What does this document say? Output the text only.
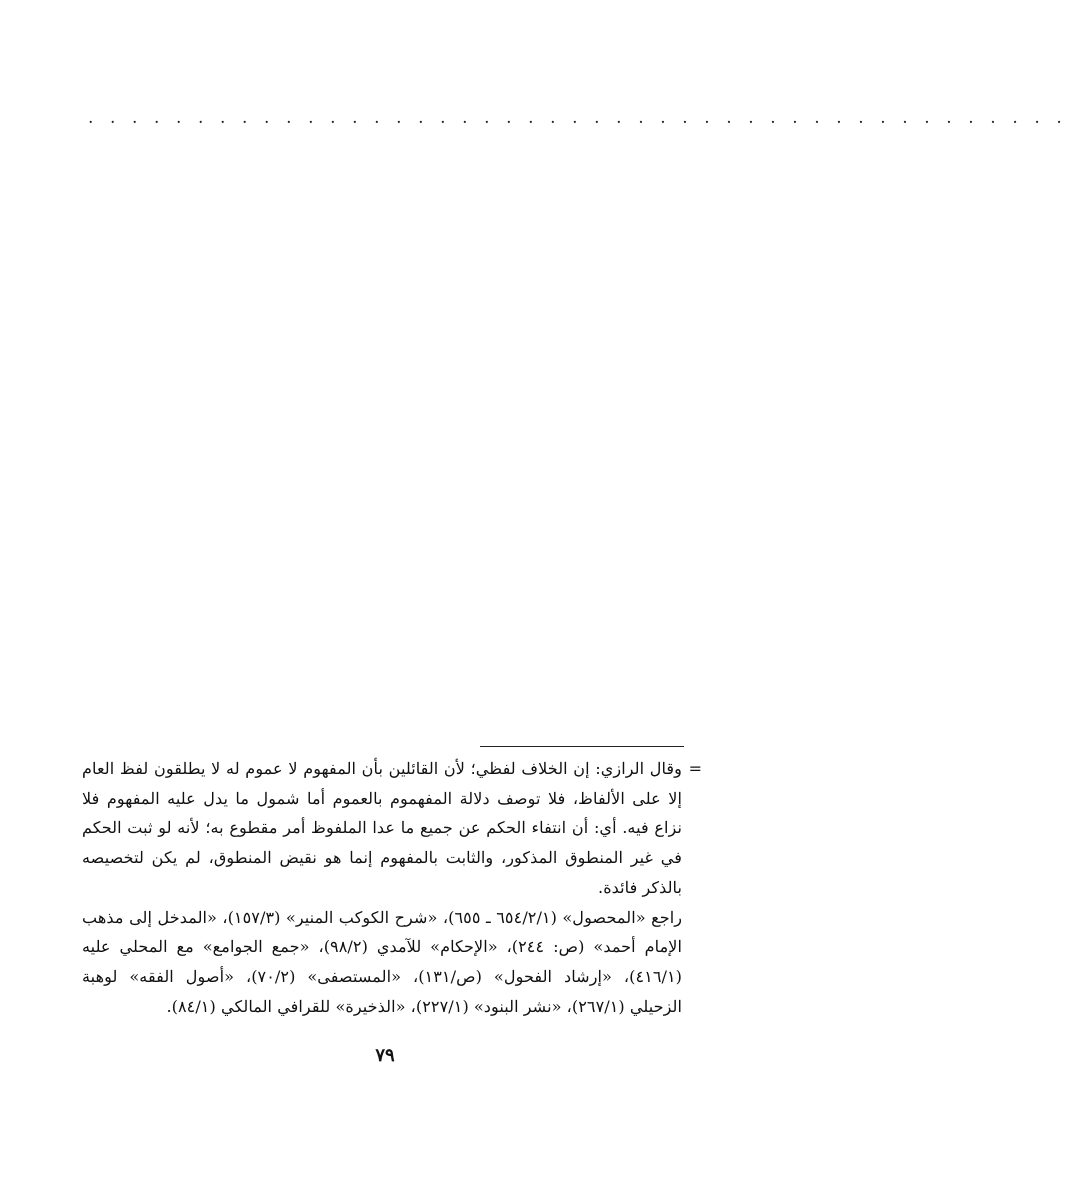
. . . . . . . . . . . . . . . . . . . . . . . . . . . . . . . . . . . . . . . . . . . . .

=
وقال الرازي: إن الخلاف لفظي؛ لأن القائلين بأن المفهوم لا عموم له لا يطلقون لفظ العام إلا على الألفاظ، فلا توصف دلالة المفهموم بالعموم أما شمول ما يدل عليه المفهوم فلا نزاع فيه. أي: أن انتفاء الحكم عن جميع ما عدا الملفوظ أمر مقطوع به؛ لأنه لو ثبت الحكم في غير المنطوق المذكور، والثابت بالمفهوم إنما هو نقيض المنطوق، لم يكن لتخصيصه بالذكر فائدة.

راجع «المحصول» (٦٥٤/٢/١ ـ ٦٥٥)، «شرح الكوكب المنير» (١٥٧/٣)، «المدخل إلى مذهب الإمام أحمد» (ص: ٢٤٤)، «الإحكام» للآمدي (٩٨/٢)، «جمع الجوامع» مع المحلي عليه (٤١٦/١)، «إرشاد الفحول» (ص/١٣١)، «المستصفى» (٧٠/٢)، «أصول الفقه» لوهبة الزحيلي (٢٦٧/١)، «نشر البنود» (٢٢٧/١)، «الذخيرة» للقرافي المالكي (٨٤/١).

٧٩
